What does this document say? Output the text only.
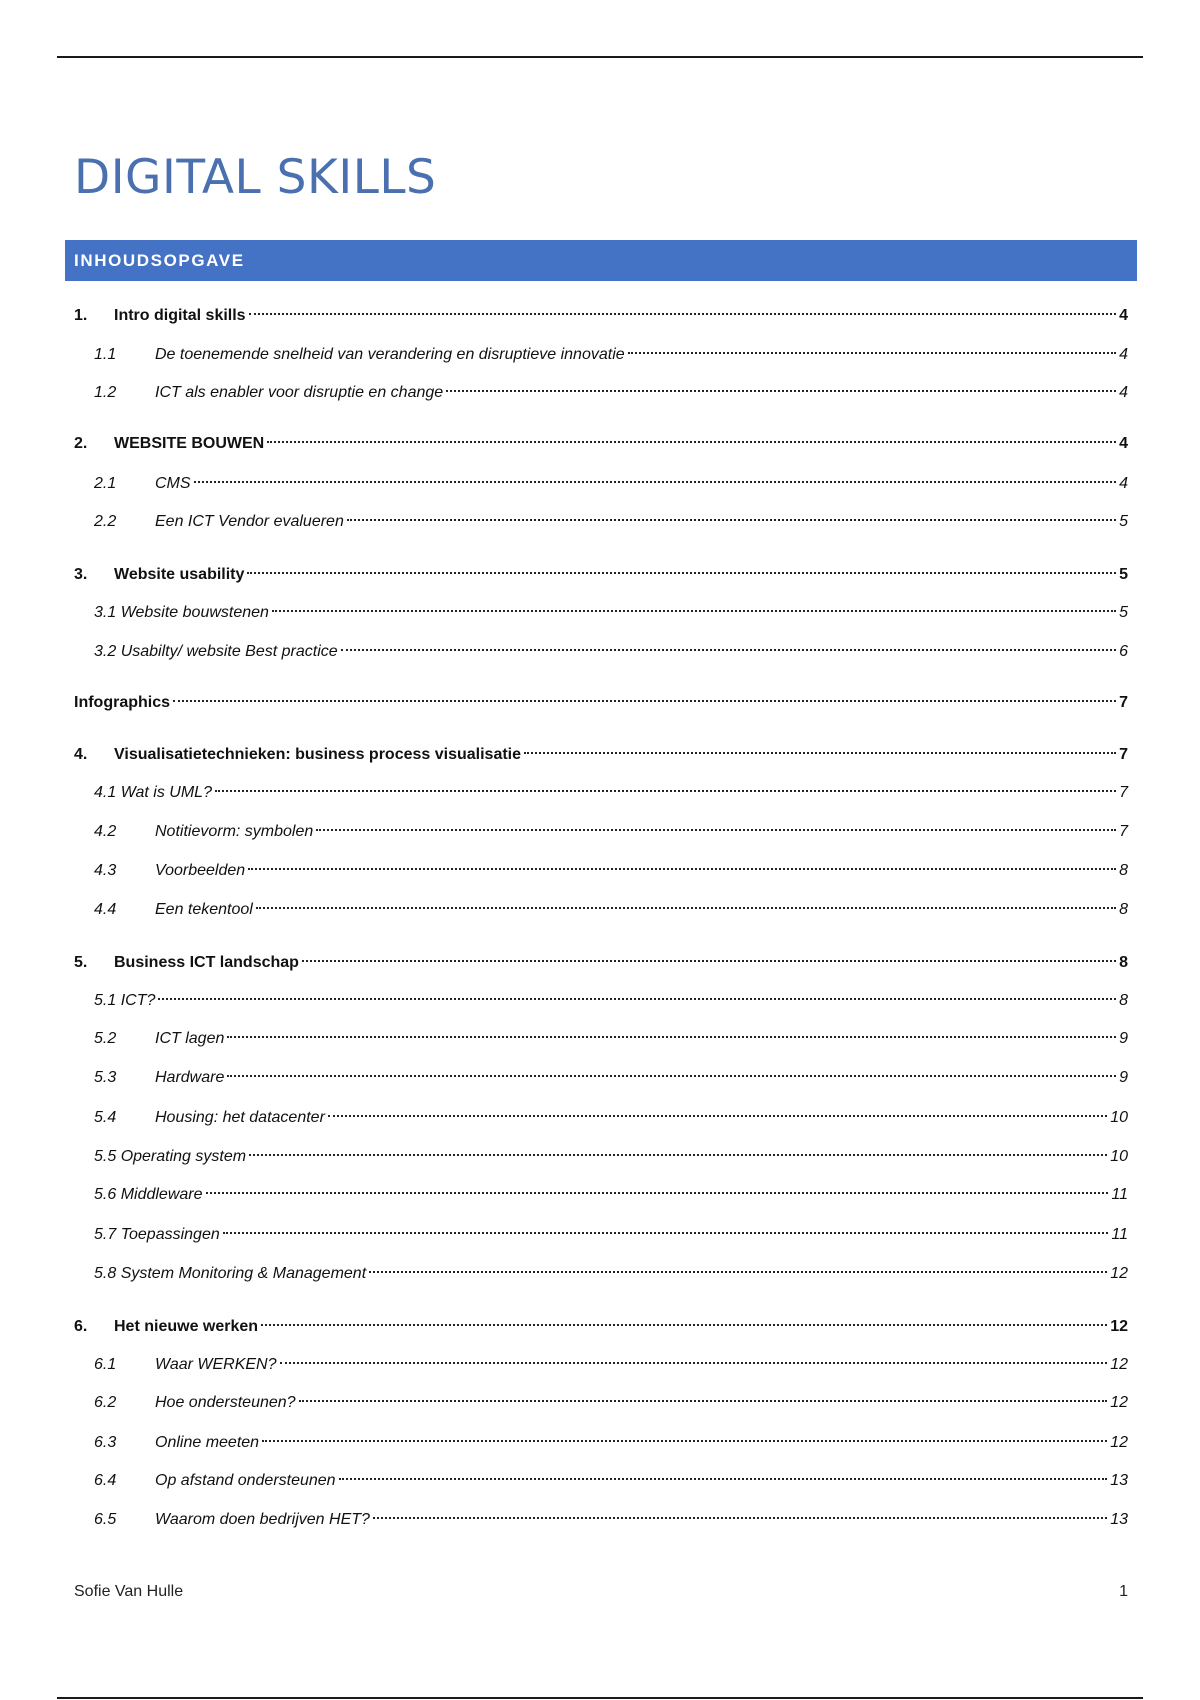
DIGITAL SKILLS
INHOUDSOPGAVE
1.	Intro digital skills	4
1.1	De toenemende snelheid van verandering en disruptieve innovatie	4
1.2	ICT als enabler voor disruptie en change	4
2.	WEBSITE BOUWEN	4
2.1	CMS	4
2.2	Een ICT Vendor evalueren	5
3.	Website usability	5
3.1 Website bouwstenen	5
3.2 Usabilty/ website Best practice	6
Infographics	7
4.	Visualisatietechnieken: business process visualisatie	7
4.1 Wat is UML?	7
4.2	Notitievorm: symbolen	7
4.3	Voorbeelden	8
4.4	Een tekentool	8
5.	Business ICT landschap	8
5.1 ICT?	8
5.2	ICT lagen	9
5.3	Hardware	9
5.4	Housing: het datacenter	10
5.5 Operating system	10
5.6 Middleware	11
5.7 Toepassingen	11
5.8 System Monitoring & Management	12
6.	Het nieuwe werken	12
6.1	Waar WERKEN?	12
6.2	Hoe ondersteunen?	12
6.3	Online meeten	12
6.4	Op afstand ondersteunen	13
6.5	Waarom doen bedrijven HET?	13
Sofie Van Hulle	1
